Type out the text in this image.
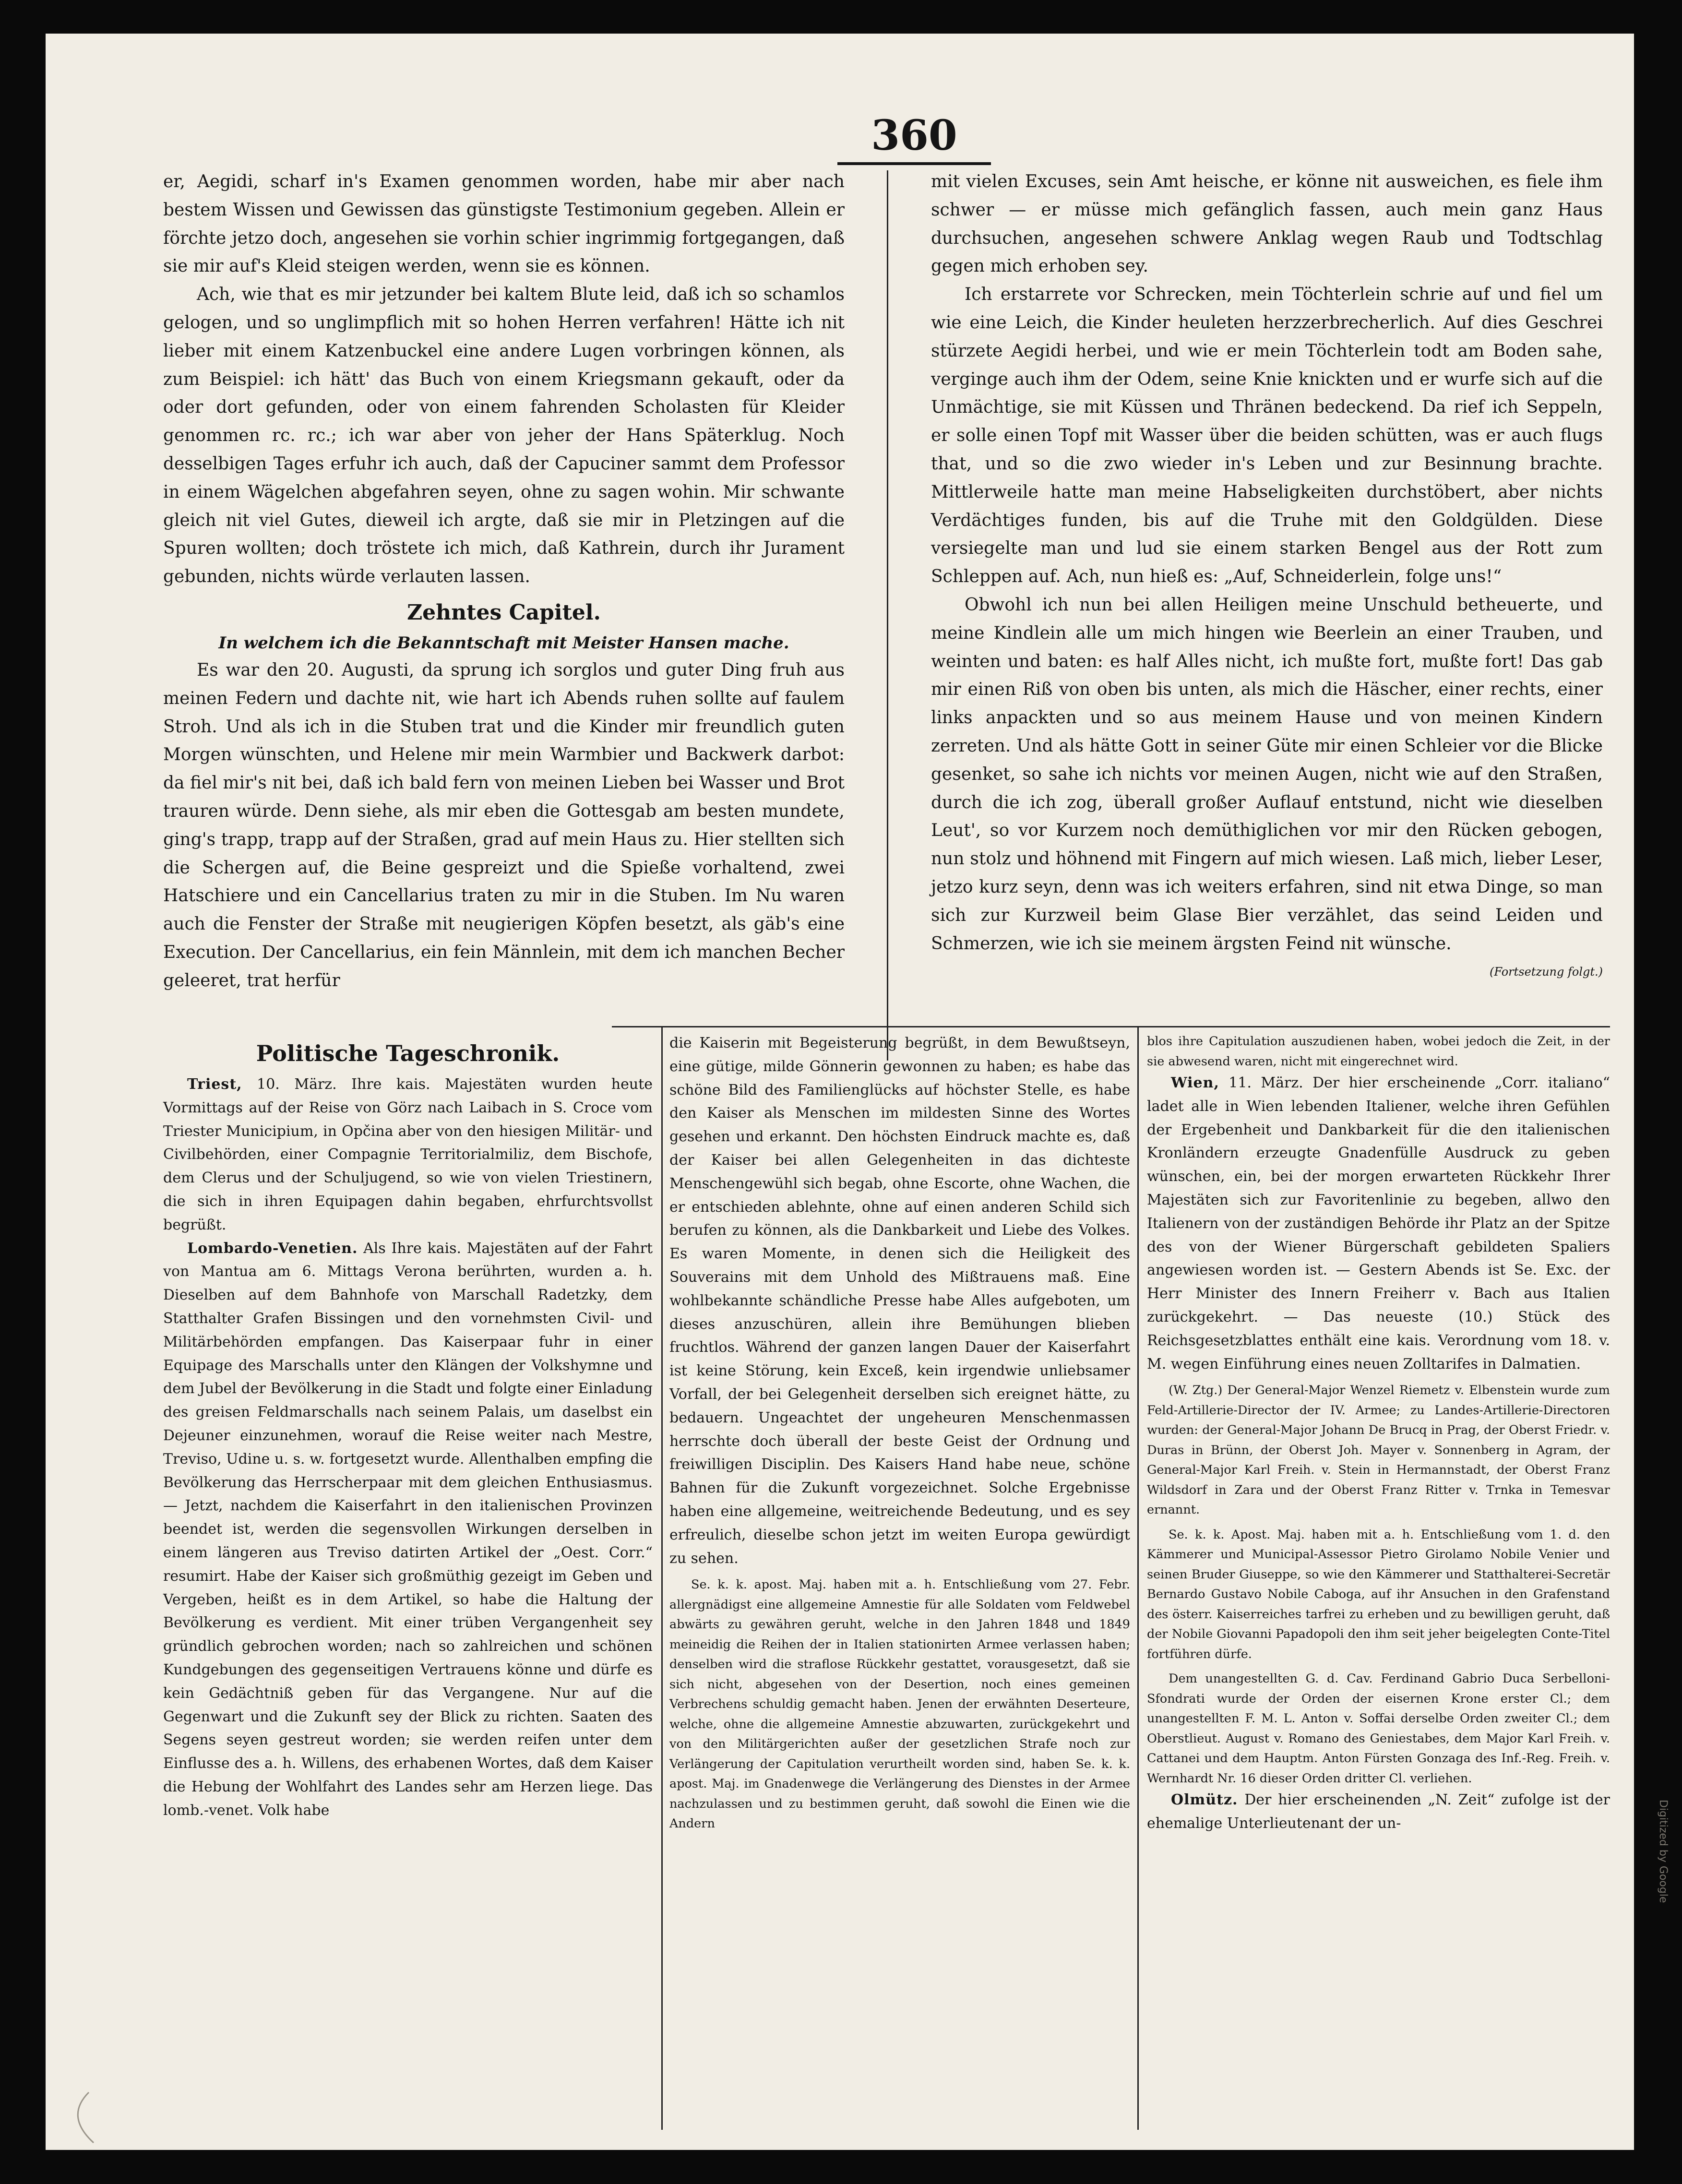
360

er, Aegidi, scharf in's Examen genommen worden, habe mir aber nach bestem Wissen und Gewissen das günstigste Testimonium gegeben. Allein er förchte jetzo doch, angesehen sie vorhin schier ingrimmig fortgegangen, daß sie mir auf's Kleid steigen werden, wenn sie es können.

Ach, wie that es mir jetzunder bei kaltem Blute leid, daß ich so schamlos gelogen, und so unglimpflich mit so hohen Herren verfahren! Hätte ich nit lieber mit einem Katzenbuckel eine andere Lugen vorbringen können, als zum Beispiel: ich hätt' das Buch von einem Kriegsmann gekauft, oder da oder dort gefunden, oder von einem fahrenden Scholasten für Kleider genommen rc. rc.; ich war aber von jeher der Hans Späterklug. Noch desselbigen Tages erfuhr ich auch, daß der Capuciner sammt dem Professor in einem Wägelchen abgefahren seyen, ohne zu sagen wohin. Mir schwante gleich nit viel Gutes, dieweil ich argte, daß sie mir in Pletzingen auf die Spuren wollten; doch tröstete ich mich, daß Kathrein, durch ihr Jurament gebunden, nichts würde verlauten lassen.

Zehntes Capitel.

In welchem ich die Bekanntschaft mit Meister Hansen mache.

Es war den 20. Augusti, da sprung ich sorglos und guter Ding fruh aus meinen Federn und dachte nit, wie hart ich Abends ruhen sollte auf faulem Stroh. Und als ich in die Stuben trat und die Kinder mir freundlich guten Morgen wünschten, und Helene mir mein Warmbier und Backwerk darbot: da fiel mir's nit bei, daß ich bald fern von meinen Lieben bei Wasser und Brot trauren würde. Denn siehe, als mir eben die Gottesgab am besten mundete, ging's trapp, trapp auf der Straßen, grad auf mein Haus zu. Hier stellten sich die Schergen auf, die Beine gespreizt und die Spieße vorhaltend, zwei Hatschiere und ein Cancellarius traten zu mir in die Stuben. Im Nu waren auch die Fenster der Straße mit neugierigen Köpfen besetzt, als gäb's eine Execution. Der Cancellarius, ein fein Männlein, mit dem ich manchen Becher geleeret, trat herfür

mit vielen Excuses, sein Amt heische, er könne nit ausweichen, es fiele ihm schwer — er müsse mich gefänglich fassen, auch mein ganz Haus durchsuchen, angesehen schwere Anklag wegen Raub und Todtschlag gegen mich erhoben sey.

Ich erstarrete vor Schrecken, mein Töchterlein schrie auf und fiel um wie eine Leich, die Kinder heuleten herzzerbrecherlich. Auf dies Geschrei stürzete Aegidi herbei, und wie er mein Töchterlein todt am Boden sahe, verginge auch ihm der Odem, seine Knie knickten und er wurfe sich auf die Unmächtige, sie mit Küssen und Thränen bedeckend. Da rief ich Seppeln, er solle einen Topf mit Wasser über die beiden schütten, was er auch flugs that, und so die zwo wieder in's Leben und zur Besinnung brachte. Mittlerweile hatte man meine Habseligkeiten durchstöbert, aber nichts Verdächtiges funden, bis auf die Truhe mit den Goldgülden. Diese versiegelte man und lud sie einem starken Bengel aus der Rott zum Schleppen auf. Ach, nun hieß es: „Auf, Schneiderlein, folge uns!“

Obwohl ich nun bei allen Heiligen meine Unschuld betheuerte, und meine Kindlein alle um mich hingen wie Beerlein an einer Trauben, und weinten und baten: es half Alles nicht, ich mußte fort, mußte fort! Das gab mir einen Riß von oben bis unten, als mich die Häscher, einer rechts, einer links anpackten und so aus meinem Hause und von meinen Kindern zerreten. Und als hätte Gott in seiner Güte mir einen Schleier vor die Blicke gesenket, so sahe ich nichts vor meinen Augen, nicht wie auf den Straßen, durch die ich zog, überall großer Auflauf entstund, nicht wie dieselben Leut', so vor Kurzem noch demüthiglichen vor mir den Rücken gebogen, nun stolz und höhnend mit Fingern auf mich wiesen. Laß mich, lieber Leser, jetzo kurz seyn, denn was ich weiters erfahren, sind nit etwa Dinge, so man sich zur Kurzweil beim Glase Bier verzählet, das seind Leiden und Schmerzen, wie ich sie meinem ärgsten Feind nit wünsche.

(Fortsetzung folgt.)

Politische Tageschronik.

Triest, 10. März. Ihre kais. Majestäten wurden heute Vormittags auf der Reise von Görz nach Laibach in S. Croce vom Triester Municipium, in Opčina aber von den hiesigen Militär- und Civilbehörden, einer Compagnie Territorialmiliz, dem Bischofe, dem Clerus und der Schuljugend, so wie von vielen Triestinern, die sich in ihren Equipagen dahin begaben, ehrfurchtsvollst begrüßt.

Lombardo-Venetien. Als Ihre kais. Majestäten auf der Fahrt von Mantua am 6. Mittags Verona berührten, wurden a. h. Dieselben auf dem Bahnhofe von Marschall Radetzky, dem Statthalter Grafen Bissingen und den vornehmsten Civil- und Militärbehörden empfangen. Das Kaiserpaar fuhr in einer Equipage des Marschalls unter den Klängen der Volkshymne und dem Jubel der Bevölkerung in die Stadt und folgte einer Einladung des greisen Feldmarschalls nach seinem Palais, um daselbst ein Dejeuner einzunehmen, worauf die Reise weiter nach Mestre, Treviso, Udine u. s. w. fortgesetzt wurde. Allenthalben empfing die Bevölkerung das Herrscherpaar mit dem gleichen Enthusiasmus. — Jetzt, nachdem die Kaiserfahrt in den italienischen Provinzen beendet ist, werden die segensvollen Wirkungen derselben in einem längeren aus Treviso datirten Artikel der „Oest. Corr.“ resumirt. Habe der Kaiser sich großmüthig gezeigt im Geben und Vergeben, heißt es in dem Artikel, so habe die Haltung der Bevölkerung es verdient. Mit einer trüben Vergangenheit sey gründlich gebrochen worden; nach so zahlreichen und schönen Kundgebungen des gegenseitigen Vertrauens könne und dürfe es kein Gedächtniß geben für das Vergangene. Nur auf die Gegenwart und die Zukunft sey der Blick zu richten. Saaten des Segens seyen gestreut worden; sie werden reifen unter dem Einflusse des a. h. Willens, des erhabenen Wortes, daß dem Kaiser die Hebung der Wohlfahrt des Landes sehr am Herzen liege. Das lomb.-venet. Volk habe

die Kaiserin mit Begeisterung begrüßt, in dem Bewußtseyn, eine gütige, milde Gönnerin gewonnen zu haben; es habe das schöne Bild des Familienglücks auf höchster Stelle, es habe den Kaiser als Menschen im mildesten Sinne des Wortes gesehen und erkannt. Den höchsten Eindruck machte es, daß der Kaiser bei allen Gelegenheiten in das dichteste Menschengewühl sich begab, ohne Escorte, ohne Wachen, die er entschieden ablehnte, ohne auf einen anderen Schild sich berufen zu können, als die Dankbarkeit und Liebe des Volkes. Es waren Momente, in denen sich die Heiligkeit des Souverains mit dem Unhold des Mißtrauens maß. Eine wohlbekannte schändliche Presse habe Alles aufgeboten, um dieses anzuschüren, allein ihre Bemühungen blieben fruchtlos. Während der ganzen langen Dauer der Kaiserfahrt ist keine Störung, kein Exceß, kein irgendwie unliebsamer Vorfall, der bei Gelegenheit derselben sich ereignet hätte, zu bedauern. Ungeachtet der ungeheuren Menschenmassen herrschte doch überall der beste Geist der Ordnung und freiwilligen Disciplin. Des Kaisers Hand habe neue, schöne Bahnen für die Zukunft vorgezeichnet. Solche Ergebnisse haben eine allgemeine, weitreichende Bedeutung, und es sey erfreulich, dieselbe schon jetzt im weiten Europa gewürdigt zu sehen.

Se. k. k. apost. Maj. haben mit a. h. Entschließung vom 27. Febr. allergnädigst eine allgemeine Amnestie für alle Soldaten vom Feldwebel abwärts zu gewähren geruht, welche in den Jahren 1848 und 1849 meineidig die Reihen der in Italien stationirten Armee verlassen haben; denselben wird die straflose Rückkehr gestattet, vorausgesetzt, daß sie sich nicht, abgesehen von der Desertion, noch eines gemeinen Verbrechens schuldig gemacht haben. Jenen der erwähnten Deserteure, welche, ohne die allgemeine Amnestie abzuwarten, zurückgekehrt und von den Militärgerichten außer der gesetzlichen Strafe noch zur Verlängerung der Capitulation verurtheilt worden sind, haben Se. k. k. apost. Maj. im Gnadenwege die Verlängerung des Dienstes in der Armee nachzulassen und zu bestimmen geruht, daß sowohl die Einen wie die Andern

blos ihre Capitulation auszudienen haben, wobei jedoch die Zeit, in der sie abwesend waren, nicht mit eingerechnet wird.

Wien, 11. März. Der hier erscheinende „Corr. italiano“ ladet alle in Wien lebenden Italiener, welche ihren Gefühlen der Ergebenheit und Dankbarkeit für die den italienischen Kronländern erzeugte Gnadenfülle Ausdruck zu geben wünschen, ein, bei der morgen erwarteten Rückkehr Ihrer Majestäten sich zur Favoritenlinie zu begeben, allwo den Italienern von der zuständigen Behörde ihr Platz an der Spitze des von der Wiener Bürgerschaft gebildeten Spaliers angewiesen worden ist. — Gestern Abends ist Se. Exc. der Herr Minister des Innern Freiherr v. Bach aus Italien zurückgekehrt. — Das neueste (10.) Stück des Reichsgesetzblattes enthält eine kais. Verordnung vom 18. v. M. wegen Einführung eines neuen Zolltarifes in Dalmatien.

(W. Ztg.) Der General-Major Wenzel Riemetz v. Elbenstein wurde zum Feld-Artillerie-Director der IV. Armee; zu Landes-Artillerie-Directoren wurden: der General-Major Johann De Brucq in Prag, der Oberst Friedr. v. Duras in Brünn, der Oberst Joh. Mayer v. Sonnenberg in Agram, der General-Major Karl Freih. v. Stein in Hermannstadt, der Oberst Franz Wildsdorf in Zara und der Oberst Franz Ritter v. Trnka in Temesvar ernannt.

Se. k. k. Apost. Maj. haben mit a. h. Entschließung vom 1. d. den Kämmerer und Municipal-Assessor Pietro Girolamo Nobile Venier und seinen Bruder Giuseppe, so wie den Kämmerer und Statthalterei-Secretär Bernardo Gustavo Nobile Caboga, auf ihr Ansuchen in den Grafenstand des österr. Kaiserreiches tarfrei zu erheben und zu bewilligen geruht, daß der Nobile Giovanni Papadopoli den ihm seit jeher beigelegten Conte-Titel fortführen dürfe.

Dem unangestellten G. d. Cav. Ferdinand Gabrio Duca Serbelloni-Sfondrati wurde der Orden der eisernen Krone erster Cl.; dem unangestellten F. M. L. Anton v. Soffai derselbe Orden zweiter Cl.; dem Oberstlieut. August v. Romano des Geniestabes, dem Major Karl Freih. v. Cattanei und dem Hauptm. Anton Fürsten Gonzaga des Inf.-Reg. Freih. v. Wernhardt Nr. 16 dieser Orden dritter Cl. verliehen.

Olmütz. Der hier erscheinenden „N. Zeit“ zufolge ist der ehemalige Unterlieutenant der un-	Digitized by Google
